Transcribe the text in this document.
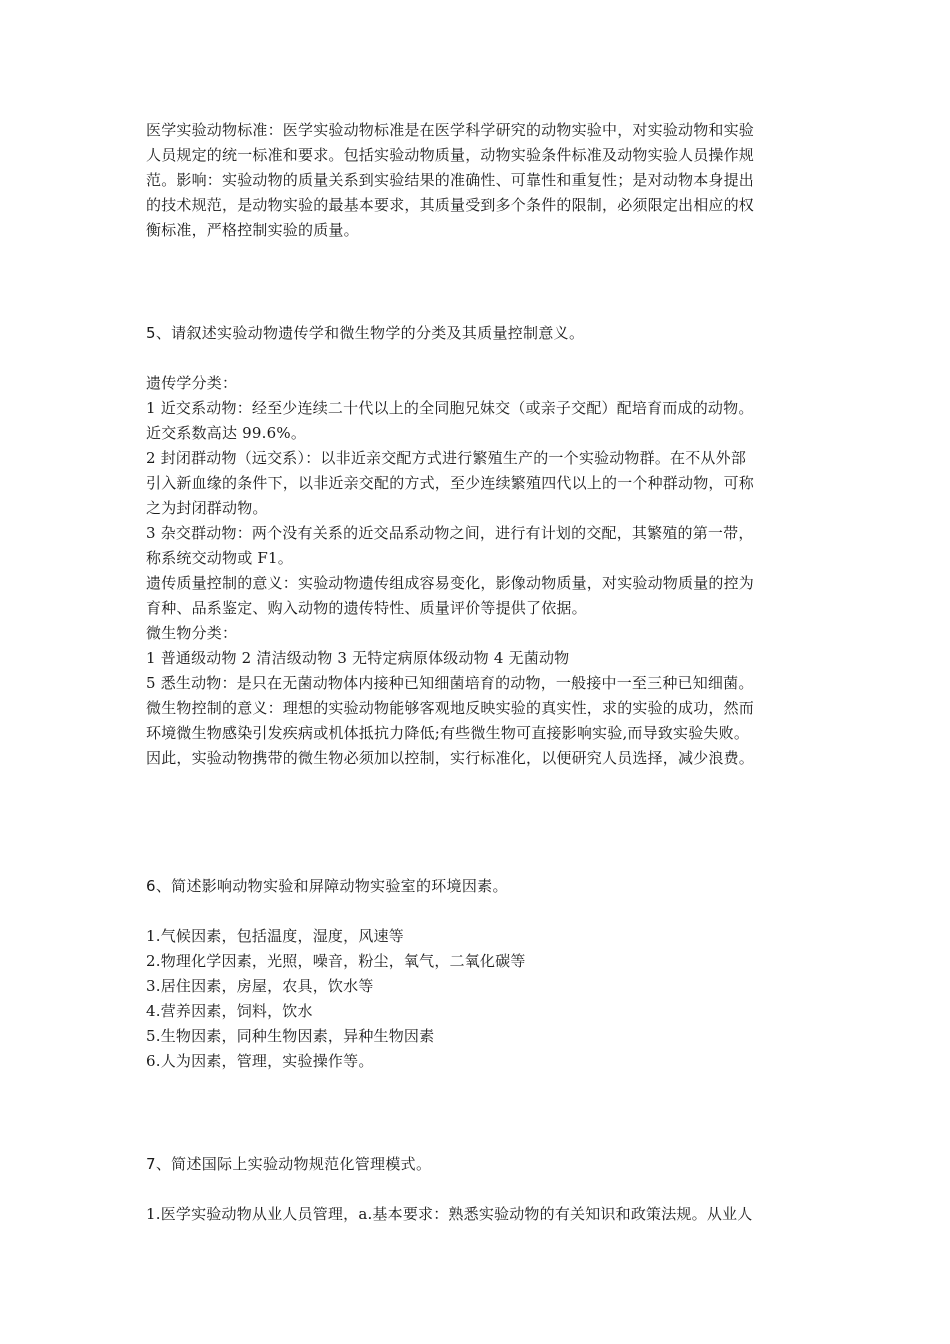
医学实验动物标准：医学实验动物标准是在医学科学研究的动物实验中，对实验动物和实验
人员规定的统一标准和要求。包括实验动物质量，动物实验条件标准及动物实验人员操作规
范。影响：实验动物的质量关系到实验结果的准确性、可靠性和重复性；是对动物本身提出
的技术规范，是动物实验的最基本要求，其质量受到多个条件的限制，必须限定出相应的权
衡标准，严格控制实验的质量。
5、请叙述实验动物遗传学和微生物学的分类及其质量控制意义。
遗传学分类：
1 近交系动物：经至少连续二十代以上的全同胞兄妹交（或亲子交配）配培育而成的动物。
近交系数高达 99.6%。
2 封闭群动物（远交系）：以非近亲交配方式进行繁殖生产的一个实验动物群。在不从外部
引入新血缘的条件下，以非近亲交配的方式，至少连续繁殖四代以上的一个种群动物，可称
之为封闭群动物。
3 杂交群动物：两个没有关系的近交品系动物之间，进行有计划的交配，其繁殖的第一带，
称系统交动物或 F1。
遗传质量控制的意义：实验动物遗传组成容易变化，影像动物质量，对实验动物质量的控为
育种、品系鉴定、购入动物的遗传特性、质量评价等提供了依据。
微生物分类：
1 普通级动物 2 清洁级动物 3 无特定病原体级动物 4 无菌动物
5 悉生动物：是只在无菌动物体内接种已知细菌培育的动物，一般接中一至三种已知细菌。
微生物控制的意义：理想的实验动物能够客观地反映实验的真实性，求的实验的成功，然而
环境微生物感染引发疾病或机体抵抗力降低;有些微生物可直接影响实验,而导致实验失败。
因此，实验动物携带的微生物必须加以控制，实行标准化，以便研究人员选择，减少浪费。
6、简述影响动物实验和屏障动物实验室的环境因素。
1.气候因素，包括温度，湿度，风速等
2.物理化学因素，光照，噪音，粉尘，氧气，二氧化碳等
3.居住因素，房屋，农具，饮水等
4.营养因素，饲料，饮水
5.生物因素，同种生物因素，异种生物因素
6.人为因素，管理，实验操作等。
7、简述国际上实验动物规范化管理模式。
1.医学实验动物从业人员管理，a.基本要求：熟悉实验动物的有关知识和政策法规。从业人
